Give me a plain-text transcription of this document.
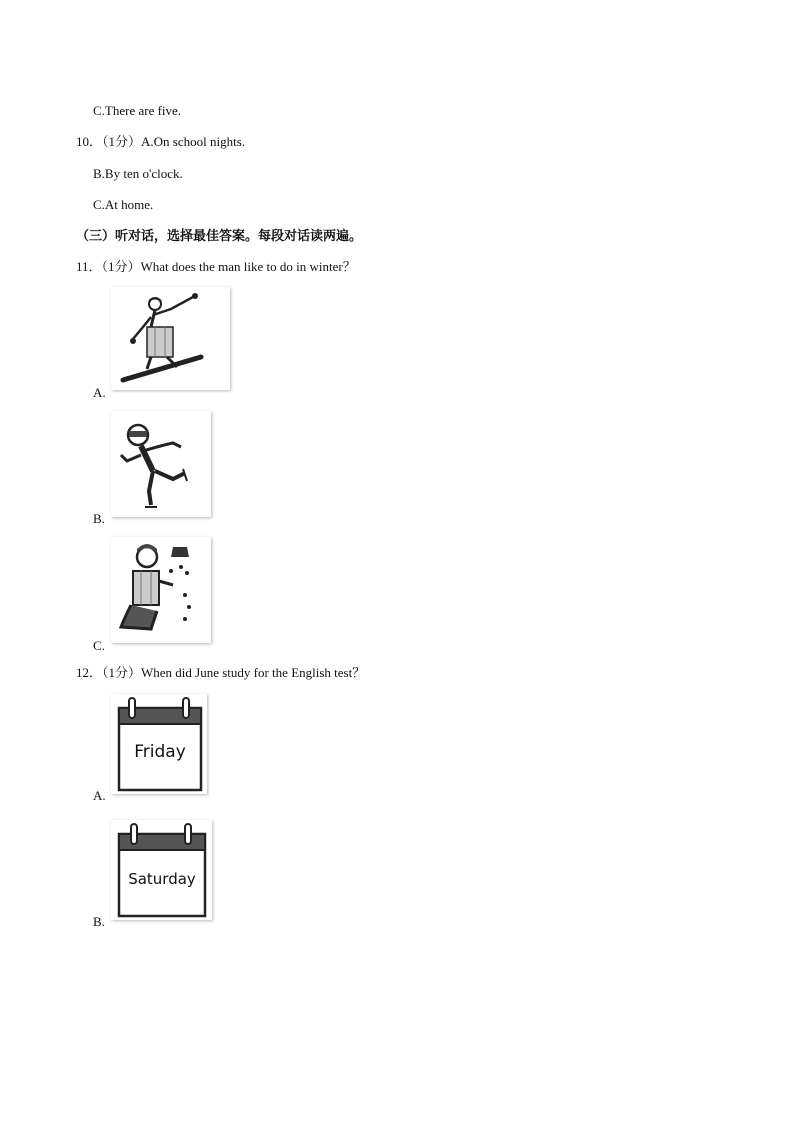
C.There are five.
10．（1分）A.On school nights.
B.By ten o'clock.
C.At home.
（三）听对话，选择最佳答案。每段对话读两遍。
11．（1分）What does the man like to do in winter？
A.
B.
C.
12．（1分）When did June study for the English test？
Friday
A.
Saturday
B.
